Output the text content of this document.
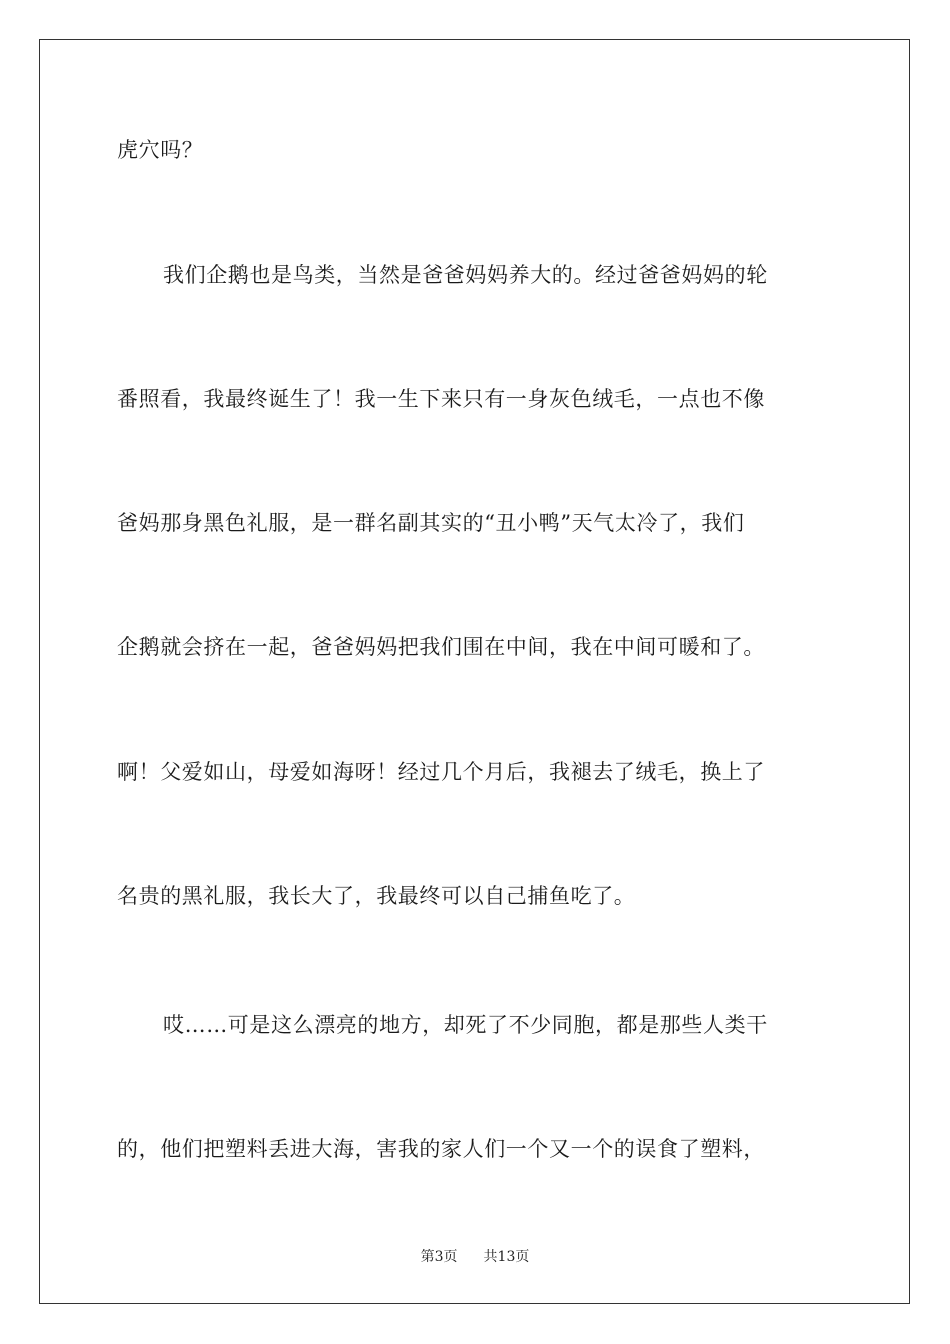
虎穴吗？
我们企鹅也是鸟类，当然是爸爸妈妈养大的。经过爸爸妈妈的轮
番照看，我最终诞生了！我一生下来只有一身灰色绒毛，一点也不像
爸妈那身黑色礼服，是一群名副其实的“丑小鸭”天气太冷了，我们
企鹅就会挤在一起，爸爸妈妈把我们围在中间，我在中间可暖和了。
啊！父爱如山，母爱如海呀！经过几个月后，我褪去了绒毛，换上了
名贵的黑礼服，我长大了，我最终可以自己捕鱼吃了。
哎……可是这么漂亮的地方，却死了不少同胞，都是那些人类干
的，他们把塑料丢进大海，害我的家人们一个又一个的误食了塑料，
第3页 共13页
